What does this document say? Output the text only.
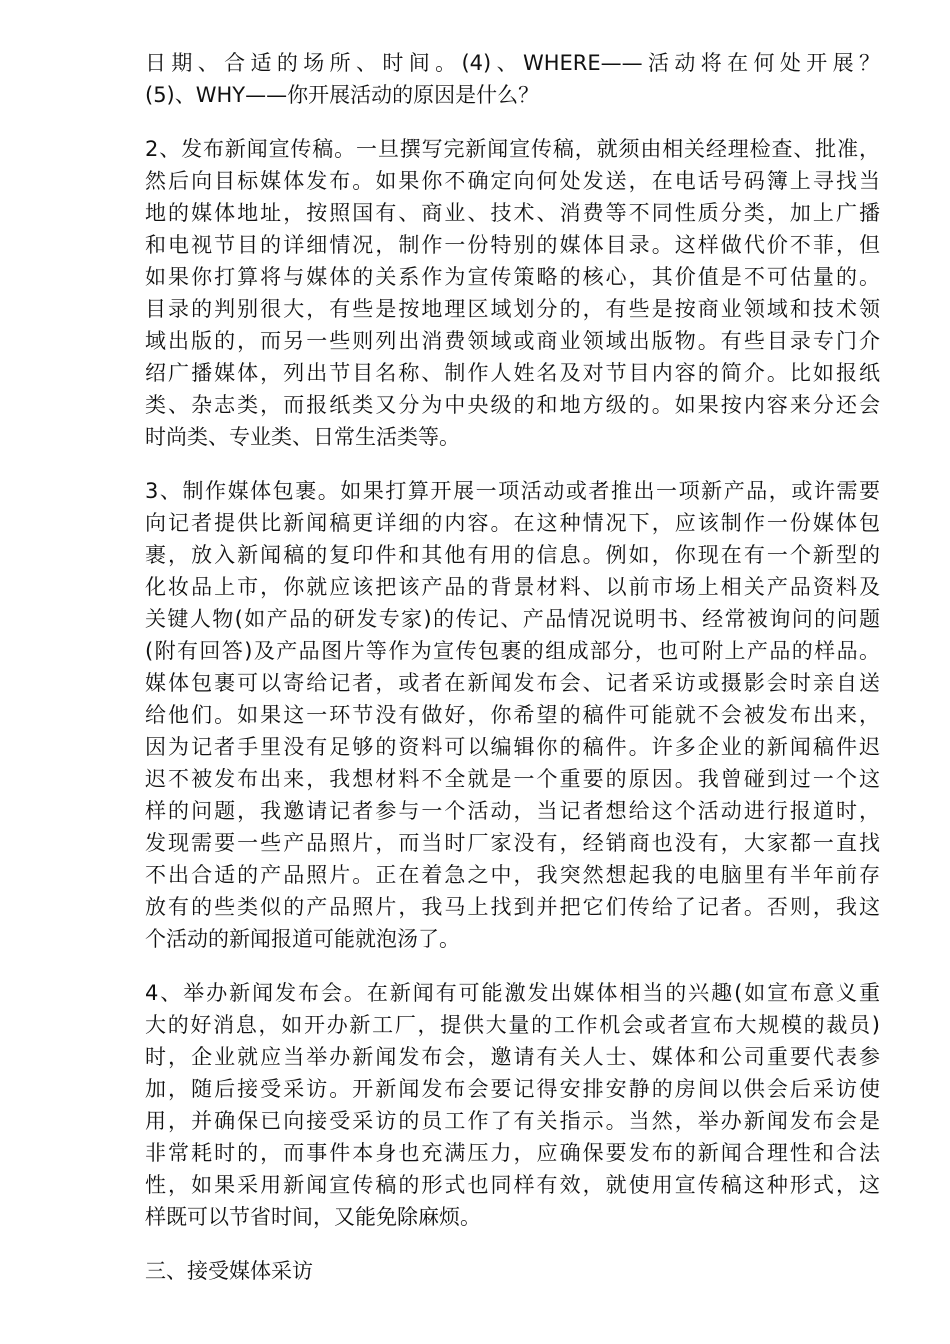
日期、合适的场所、时间。(4)、WHERE——活动将在何处开展？
(5)、WHY——你开展活动的原因是什么？
2、发布新闻宣传稿。一旦撰写完新闻宣传稿，就须由相关经理检查、批准，
然后向目标媒体发布。如果你不确定向何处发送，在电话号码簿上寻找当
地的媒体地址，按照国有、商业、技术、消费等不同性质分类，加上广播
和电视节目的详细情况，制作一份特别的媒体目录。这样做代价不菲，但
如果你打算将与媒体的关系作为宣传策略的核心，其价值是不可估量的。
目录的判别很大，有些是按地理区域划分的，有些是按商业领域和技术领
域出版的，而另一些则列出消费领域或商业领域出版物。有些目录专门介
绍广播媒体，列出节目名称、制作人姓名及对节目内容的简介。比如报纸
类、杂志类，而报纸类又分为中央级的和地方级的。如果按内容来分还会
时尚类、专业类、日常生活类等。
3、制作媒体包裹。如果打算开展一项活动或者推出一项新产品，或许需要
向记者提供比新闻稿更详细的内容。在这种情况下，应该制作一份媒体包
裹，放入新闻稿的复印件和其他有用的信息。例如，你现在有一个新型的
化妆品上市，你就应该把该产品的背景材料、以前市场上相关产品资料及
关键人物(如产品的研发专家)的传记、产品情况说明书、经常被询问的问题
(附有回答)及产品图片等作为宣传包裹的组成部分，也可附上产品的样品。
媒体包裹可以寄给记者，或者在新闻发布会、记者采访或摄影会时亲自送
给他们。如果这一环节没有做好，你希望的稿件可能就不会被发布出来，
因为记者手里没有足够的资料可以编辑你的稿件。许多企业的新闻稿件迟
迟不被发布出来，我想材料不全就是一个重要的原因。我曾碰到过一个这
样的问题，我邀请记者参与一个活动，当记者想给这个活动进行报道时，
发现需要一些产品照片，而当时厂家没有，经销商也没有，大家都一直找
不出合适的产品照片。正在着急之中，我突然想起我的电脑里有半年前存
放有的些类似的产品照片，我马上找到并把它们传给了记者。否则，我这
个活动的新闻报道可能就泡汤了。
4、举办新闻发布会。在新闻有可能激发出媒体相当的兴趣(如宣布意义重
大的好消息，如开办新工厂，提供大量的工作机会或者宣布大规模的裁员)
时，企业就应当举办新闻发布会，邀请有关人士、媒体和公司重要代表参
加，随后接受采访。开新闻发布会要记得安排安静的房间以供会后采访使
用，并确保已向接受采访的员工作了有关指示。当然，举办新闻发布会是
非常耗时的，而事件本身也充满压力，应确保要发布的新闻合理性和合法
性，如果采用新闻宣传稿的形式也同样有效，就使用宣传稿这种形式，这
样既可以节省时间，又能免除麻烦。
三、接受媒体采访
